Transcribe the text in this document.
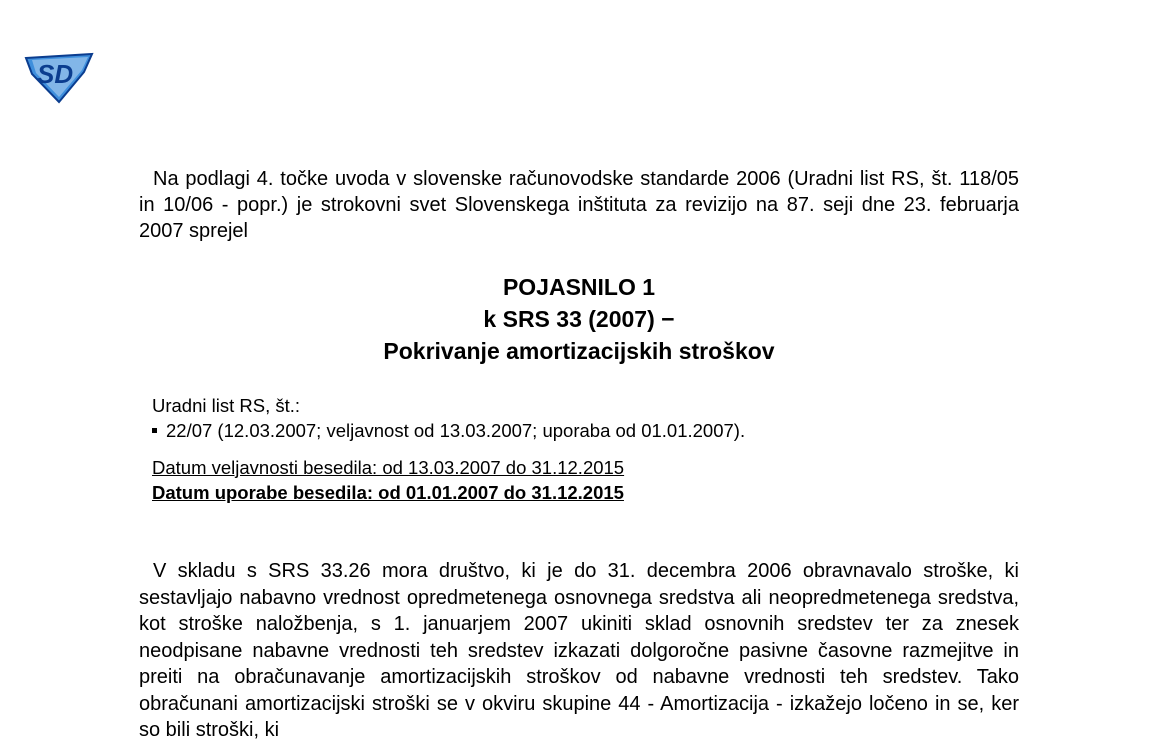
SD
Na podlagi 4. točke uvoda v slovenske računovodske standarde 2006 (Uradni list RS, št. 118/05 in 10/06 - popr.) je strokovni svet Slovenskega inštituta za revizijo na 87. seji dne 23. februarja 2007 sprejel
POJASNILO 1
k SRS 33 (2007) −
Pokrivanje amortizacijskih stroškov
Uradni list RS, št.:
22/07 (12.03.2007; veljavnost od 13.03.2007; uporaba od 01.01.2007).
Datum veljavnosti besedila: od 13.03.2007 do 31.12.2015
Datum uporabe besedila: od 01.01.2007 do 31.12.2015
V skladu s SRS 33.26 mora društvo, ki je do 31. decembra 2006 obravnavalo stroške, ki sestavljajo nabavno vrednost opredmetenega osnovnega sredstva ali neopredmetenega sredstva, kot stroške naložbenja, s 1. januarjem 2007 ukiniti sklad osnovnih sredstev ter za znesek neodpisane nabavne vrednosti teh sredstev izkazati dolgoročne pasivne časovne razmejitve in preiti na obračunavanje amortizacijskih stroškov od nabavne vrednosti teh sredstev. Tako obračunani amortizacijski stroški se v okviru skupine 44 - Amortizacija - izkažejo ločeno in se, ker so bili stroški, ki
